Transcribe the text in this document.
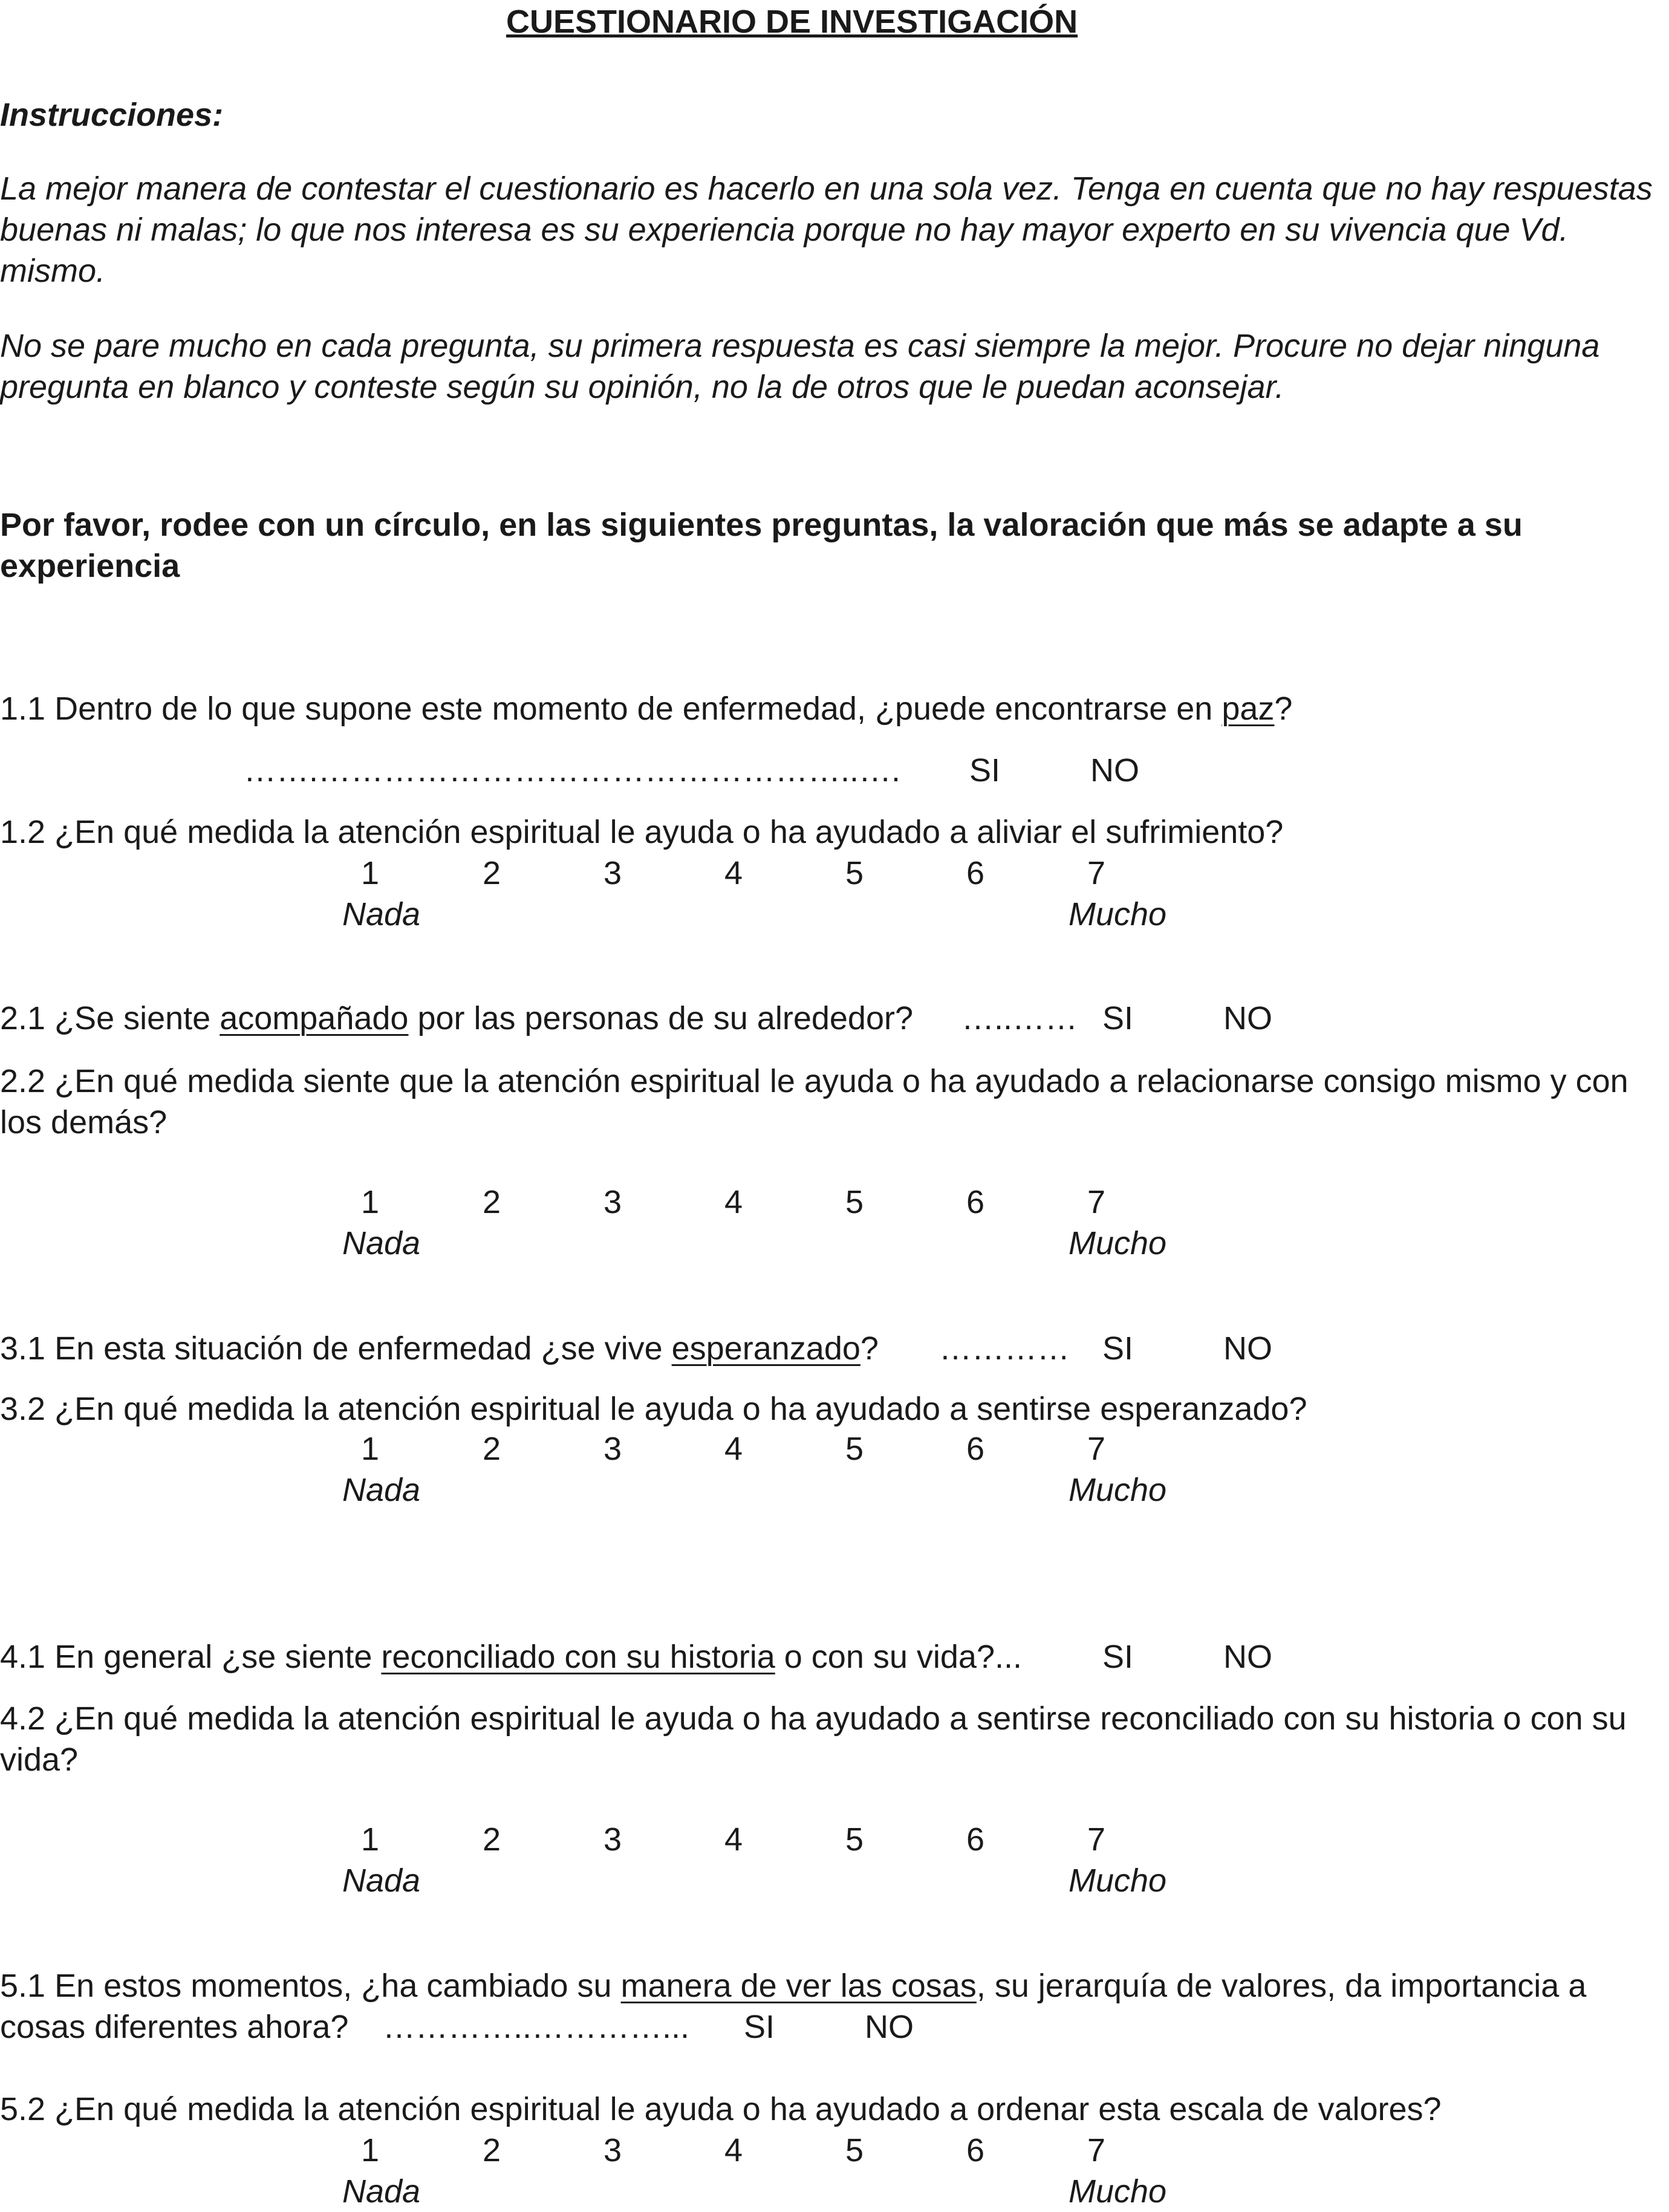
CUESTIONARIO DE INVESTIGACIÓN
Instrucciones:
La mejor manera de contestar el cuestionario es hacerlo en una sola vez. Tenga en cuenta que no hay respuestas buenas ni malas; lo que nos interesa es su experiencia porque no hay mayor experto en su vivencia que Vd. mismo.
No se pare mucho en cada pregunta, su primera respuesta es casi siempre la mejor. Procure no dejar ninguna pregunta en blanco y conteste según su opinión, no la de otros que le puedan aconsejar.
Por favor, rodee con un círculo, en las siguientes preguntas, la valoración que más se adapte a su experiencia
1.1 Dentro de lo que supone este momento de enfermedad, ¿puede encontrarse en paz?
…….…………………………………………..…. SI	NO
1.2 ¿En qué medida la atención espiritual le ayuda o ha ayudado a aliviar el sufrimiento?
2.1 ¿Se siente acompañado por las personas de su alrededor? …..…… SI	NO
2.2 ¿En qué medida siente que la atención espiritual le ayuda o ha ayudado a relacionarse consigo mismo y con los demás?
3.1 En esta situación de enfermedad ¿se vive esperanzado? ………… SI	NO
3.2 ¿En qué medida la atención espiritual le ayuda o ha ayudado a sentirse esperanzado?
4.1 En general ¿se siente reconciliado con su historia o con su vida?... SI	NO
4.2 ¿En qué medida la atención espiritual le ayuda o ha ayudado a sentirse reconciliado con su historia o con su vida?
5.1 En estos momentos, ¿ha cambiado su manera de ver las cosas, su jerarquía de valores, da importancia a cosas diferentes ahora?	…………..…………... SI	NO
5.2 ¿En qué medida la atención espiritual le ayuda o ha ayudado a ordenar esta escala de valores?
1	2	3	4	5	6	7
Nada	Mucho
1	2	3	4	5	6	7
Nada	Mucho
1	2	3	4	5	6	7
Nada	Mucho
1	2	3	4	5	6	7
Nada	Mucho
1	2	3	4	5	6	7
Nada	Mucho
